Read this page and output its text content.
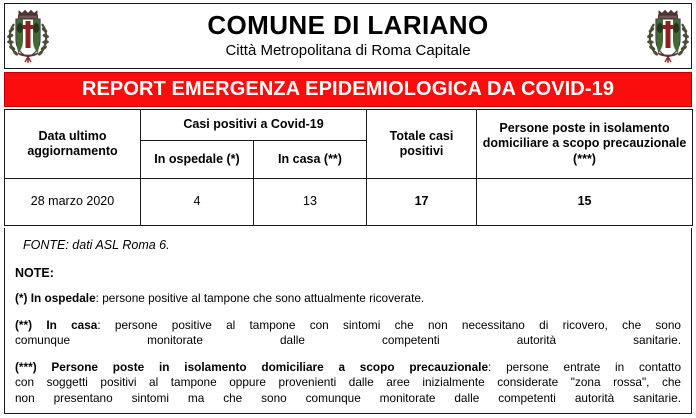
COMUNE DI LARIANO
Città Metropolitana di Roma Capitale
REPORT EMERGENZA EPIDEMIOLOGICA DA COVID-19
Data ultimo aggiornamento	Casi positivi a Covid-19		Totale casi positivi	Persone poste in isolamento domiciliare a scopo precauzionale (***)
	In ospedale (*)	In casa (**)		
28 marzo 2020	4	13	17	15
FONTE: dati ASL Roma 6.
NOTE:
(*) In ospedale: persone positive al tampone che sono attualmente ricoverate.
(**) In casa: persone positive al tampone con sintomi che non necessitano di ricovero, che sono
comunque monitorate dalle competenti autorità sanitarie.
(***) Persone poste in isolamento domiciliare a scopo precauzionale: persone entrate in contatto
con soggetti positivi al tampone oppure provenienti dalle aree inizialmente considerate "zona rossa", che
non presentano sintomi ma che sono comunque monitorate dalle competenti autorità sanitarie.
